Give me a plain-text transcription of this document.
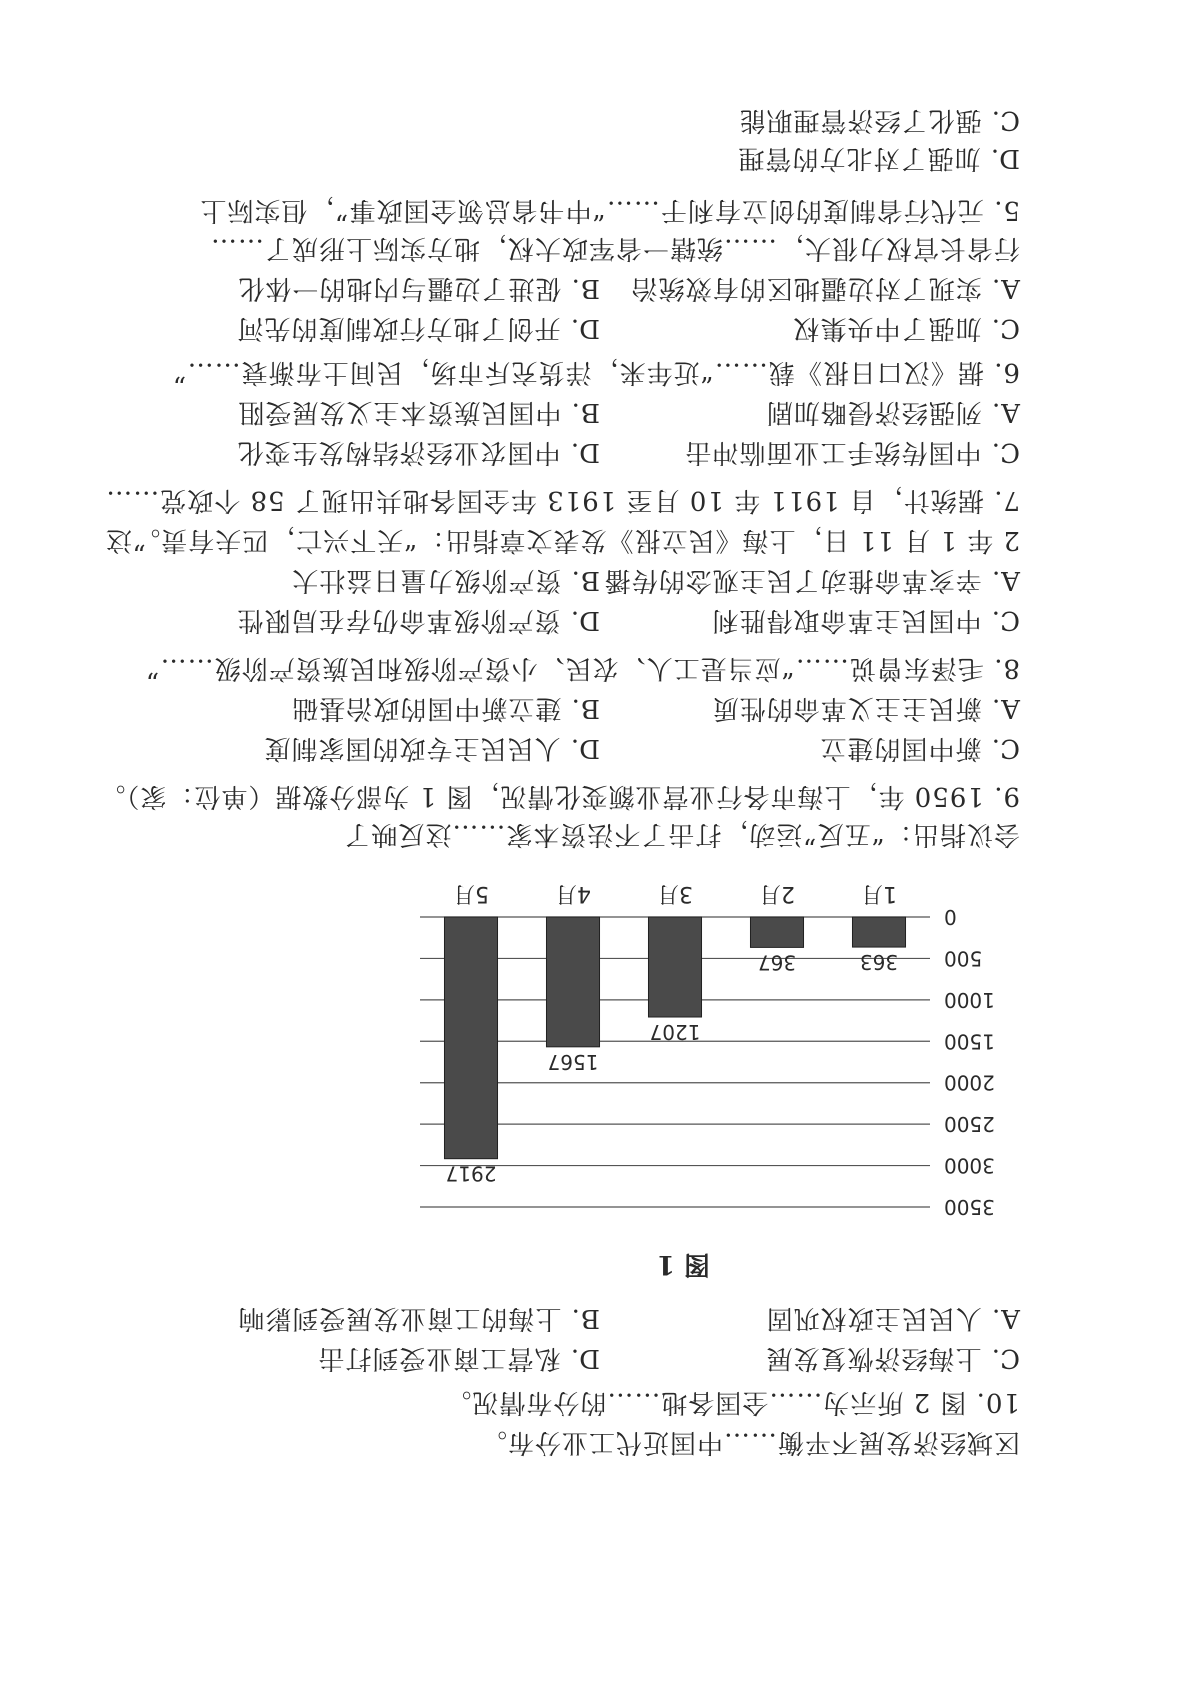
C. 强化了经济管理职能
D. 加强了对北方的管理
5. 元代行省制度的创立有利于……“中书省总领全国政事”，但实际上
行省长官权力很大，……统辖一省军政大权，地方实际上形成了……
A. 实现了对边疆地区的有效统治
B. 促进了边疆与内地的一体化
C. 加强了中央集权
D. 开创了地方行政制度的先河
6. 据《汉口日报》载……“近年来，洋货充斥市场，民间土布渐衰……”
A. 列强经济侵略加剧
B. 中国民族资本主义发展受阻
C. 中国传统手工业面临冲击
D. 中国农业经济结构发生变化
7. 据统计，自 1911 年 10 月至 1913 年全国各地共出现了 58 个政党……
2 年 1 月 11 日，上海《民立报》发表文章指出：“天下兴亡，匹夫有责。”这
A. 辛亥革命推动了民主观念的传播
B. 资产阶级力量日益壮大
C. 中国民主革命取得胜利
D. 资产阶级革命仍存在局限性
8. 毛泽东曾说……“应当是工人、农民、小资产阶级和民族资产阶级……”
A. 新民主主义革命的性质
B. 建立新中国的政治基础
C. 新中国的建立
D. 人民民主专政的国家制度
9. 1950 年，上海市各行业营业额变化情况，图 1 为部分数据（单位：家）。
会议指出：“五反”运动，打击了不法资本家……这反映了
0
500
1000
1500
2000
2500
3000
3500
363
1月
367
2月
1207
3月
1567
4月
2917
5月
图 1
A. 人民民主政权巩固
B. 上海的工商业发展受到影响
C. 上海经济恢复发展
D. 私营工商业受到打击
10. 图 2 所示为……全国各地……的分布情况。
区域经济发展不平衡……中国近代工业分布。
